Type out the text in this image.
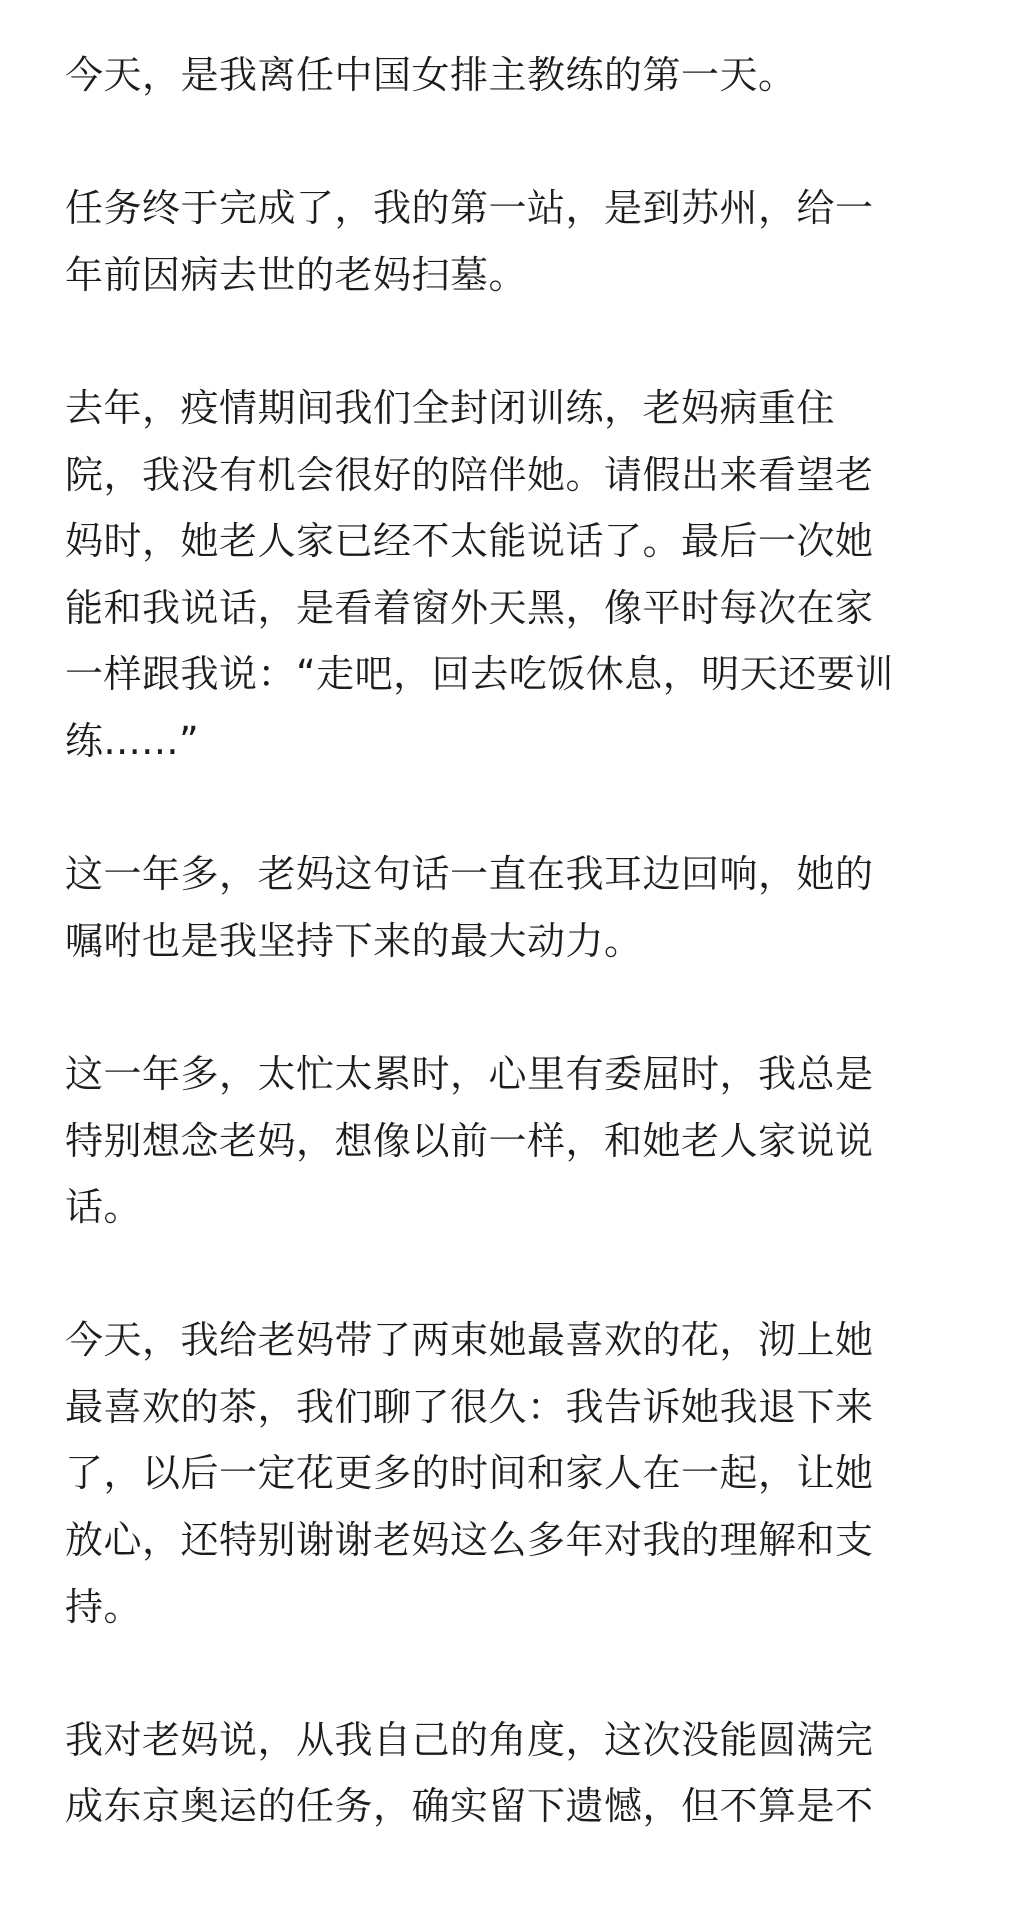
今天，是我离任中国女排主教练的第一天。
任务终于完成了，我的第一站，是到苏州，给一
年前因病去世的老妈扫墓。
去年，疫情期间我们全封闭训练，老妈病重住
院，我没有机会很好的陪伴她。请假出来看望老
妈时，她老人家已经不太能说话了。最后一次她
能和我说话，是看着窗外天黑，像平时每次在家
一样跟我说：“走吧，回去吃饭休息，明天还要训
练......”
这一年多，老妈这句话一直在我耳边回响，她的
嘱咐也是我坚持下来的最大动力。
这一年多，太忙太累时，心里有委屈时，我总是
特别想念老妈，想像以前一样，和她老人家说说
话。
今天，我给老妈带了两束她最喜欢的花，沏上她
最喜欢的茶，我们聊了很久：我告诉她我退下来
了，以后一定花更多的时间和家人在一起，让她
放心，还特别谢谢老妈这么多年对我的理解和支
持。
我对老妈说，从我自己的角度，这次没能圆满完
成东京奥运的任务，确实留下遗憾，但不算是不
